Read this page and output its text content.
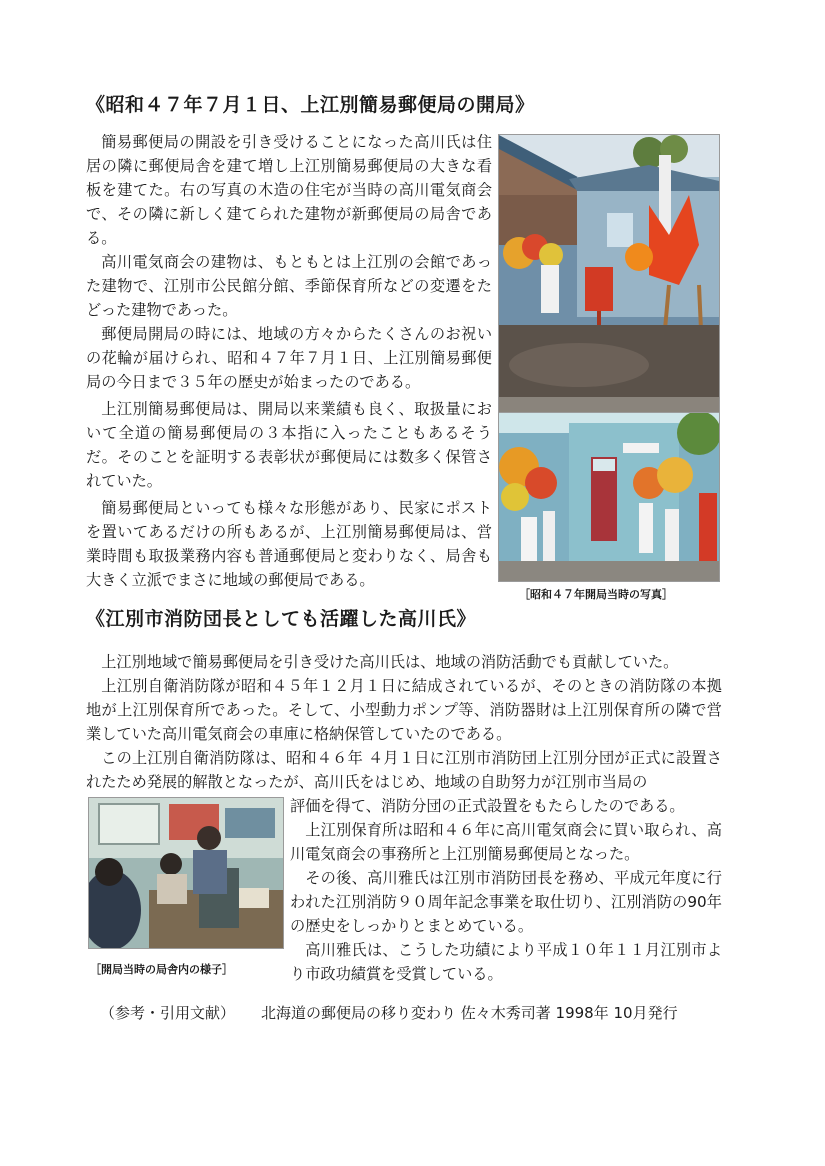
《昭和４７年７月１日、上江別簡易郵便局の開局》

簡易郵便局の開設を引き受けることになった高川氏は住居の隣に郵便局舎を建て増し上江別簡易郵便局の大きな看板を建てた。右の写真の木造の住宅が当時の高川電気商会で、その隣に新しく建てられた建物が新郵便局の局舎である。

高川電気商会の建物は、もともとは上江別の会館であった建物で、江別市公民館分館、季節保育所などの変遷をたどった建物であった。

郵便局開局の時には、地域の方々からたくさんのお祝いの花輪が届けられ、昭和４７年７月１日、上江別簡易郵便局の今日まで３５年の歴史が始まったのである。

上江別簡易郵便局は、開局以来業績も良く、取扱量において全道の簡易郵便局の３本指に入ったこともあるそうだ。そのことを証明する表彰状が郵便局には数多く保管されていた。

簡易郵便局といっても様々な形態があり、民家にポストを置いてあるだけの所もあるが、上江別簡易郵便局は、営業時間も取扱業務内容も普通郵便局と変わりなく、局舎も大きく立派でまさに地域の郵便局である。

［昭和４７年開局当時の写真］
《江別市消防団長としても活躍した高川氏》

上江別地域で簡易郵便局を引き受けた高川氏は、地域の消防活動でも貢献していた。

上江別自衛消防隊が昭和４５年１２月１日に結成されているが、そのときの消防隊の本拠地が上江別保育所であった。そして、小型動力ポンプ等、消防器財は上江別保育所の隣で営業していた高川電気商会の車庫に格納保管していたのである。

この上江別自衛消防隊は、昭和４６年 ４月１日に江別市消防団上江別分団が正式に設置されたため発展的解散となったが、高川氏をはじめ、地域の自助努力が江別市当局の

評価を得て、消防分団の正式設置をもたらしたのである。

上江別保育所は昭和４６年に高川電気商会に買い取られ、高川電気商会の事務所と上江別簡易郵便局となった。

その後、高川雅氏は江別市消防団長を務め、平成元年度に行われた江別消防９０周年記念事業を取仕切り、江別消防の90年の歴史をしっかりとまとめている。

高川雅氏は、こうした功績により平成１０年１１月江別市より市政功績賞を受賞している。

［開局当時の局舎内の様子］
（参考・引用文献） 北海道の郵便局の移り変わり 佐々木秀司著 1998年 10月発行
